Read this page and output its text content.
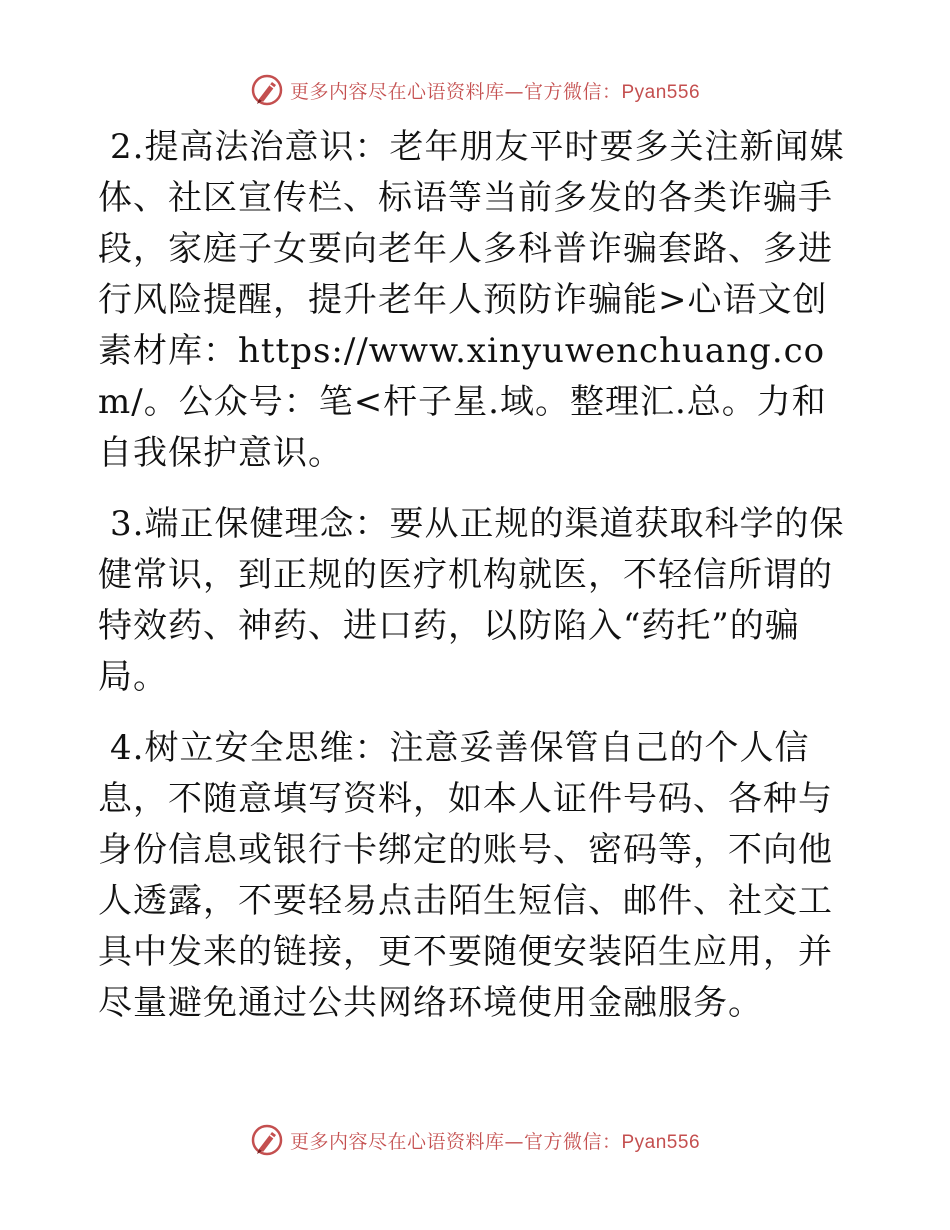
更多内容尽在心语资料库—官方微信：Pyan556

2.提高法治意识：老年朋友平时要多关注新闻媒体、社区宣传栏、标语等当前多发的各类诈骗手段，家庭子女要向老年人多科普诈骗套路、多进行风险提醒，提升老年人预防诈骗能>心语文创素材库：https://www.xinyuwenchuang.com/。公众号：笔<杆子星.域。整理汇.总。力和自我保护意识。

3.端正保健理念：要从正规的渠道获取科学的保健常识，到正规的医疗机构就医，不轻信所谓的特效药、神药、进口药，以防陷入“药托”的骗局。

4.树立安全思维：注意妥善保管自己的个人信息，不随意填写资料，如本人证件号码、各种与身份信息或银行卡绑定的账号、密码等，不向他人透露，不要轻易点击陌生短信、邮件、社交工具中发来的链接，更不要随便安装陌生应用，并尽量避免通过公共网络环境使用金融服务。

更多内容尽在心语资料库—官方微信：Pyan556
